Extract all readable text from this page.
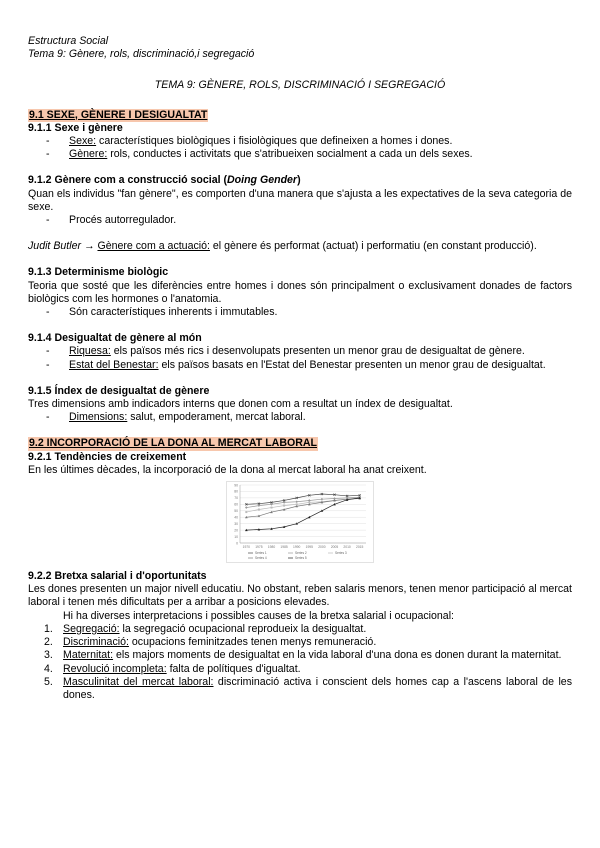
Estructura Social
Tema 9: Gènere, rols, discriminació,i segregació
TEMA 9: GÈNERE, ROLS, DISCRIMINACIÓ I SEGREGACIÓ
9.1 SEXE, GÈNERE I DESIGUALTAT
9.1.1 Sexe i gènere
-	Sexe: característiques biològiques i fisiològiques que defineixen a homes i dones.
-	Gènere: rols, conductes i activitats que s'atribueixen socialment a cada un dels sexes.
9.1.2 Gènere com a construcció social (Doing Gender)
Quan els individus "fan gènere", es comporten d'una manera que s'ajusta a les expectatives de la seva categoria de sexe.
-	Procés autorregulador.
Judit Butler → Gènere com a actuació: el gènere és performat (actuat) i performatiu (en constant producció).
9.1.3 Determinisme biològic
Teoria que sosté que les diferències entre homes i dones són principalment o exclusivament donades de factors biològics com les hormones o l'anatomia.
-	Són característiques inherents i immutables.
9.1.4 Desigualtat de gènere al món
-	Riquesa: els països més rics i desenvolupats presenten un menor grau de desigualtat de gènere.
-	Estat del Benestar: els països basats en l'Estat del Benestar presenten un menor grau de desigualtat.
9.1.5 Índex de desigualtat de gènere
Tres dimensions amb indicadors interns que donen com a resultat un índex de desigualtat.
-	Dimensions: salut, empoderament, mercat laboral.
9.2 INCORPORACIÓ DE LA DONA AL MERCAT LABORAL
9.2.1 Tendències de creixement
En les últimes dècades, la incorporació de la dona al mercat laboral ha anat creixent.
90
80
70
60
50
40
30
20
10
0
1970 1975 1980 1985 1990 1995 2000 2005 2010 2015
Series 1	Series 2	Series 3
Series 4	Series 5
9.2.2 Bretxa salarial i d'oportunitats
Les dones presenten un major nivell educatiu. No obstant, reben salaris menors, tenen menor participació al mercat laboral i tenen més dificultats per a arribar a posicions elevades.
Hi ha diverses interpretacions i possibles causes de la bretxa salarial i ocupacional:
1. Segregació: la segregació ocupacional reprodueix la desigualtat.
2. Discriminació: ocupacions feminitzades tenen menys remuneració.
3. Maternitat: els majors moments de desigualtat en la vida laboral d'una dona es donen durant la maternitat.
4. Revolució incompleta: falta de polítiques d'igualtat.
5. Masculinitat del mercat laboral: discriminació activa i conscient dels homes cap a l'ascens laboral de les dones.
